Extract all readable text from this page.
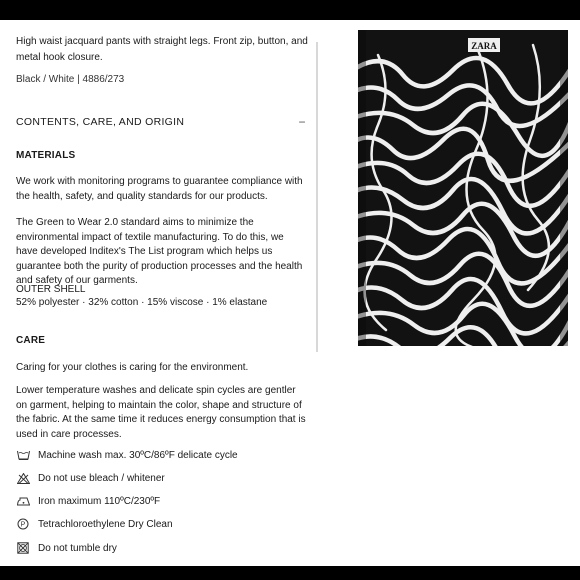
High waist jacquard pants with straight legs. Front zip, button, and metal hook closure.

Black / White | 4886/273
CONTENTS, CARE, AND ORIGIN	−
MATERIALS

We work with monitoring programs to guarantee compliance with the health, safety, and quality standards for our products.

The Green to Wear 2.0 standard aims to minimize the environmental impact of textile manufacturing. To do this, we have developed Inditex's The List program which helps us guarantee both the purity of production processes and the health and safety of our garments.

OUTER SHELL
52% polyester · 32% cotton · 15% viscose · 1% elastane
CARE

Caring for your clothes is caring for the environment.

Lower temperature washes and delicate spin cycles are gentler on garment, helping to maintain the color, shape and structure of the fabric. At the same time it reduces energy consumption that is used in care processes.

Machine wash max. 30ºC/86ºF delicate cycle
Do not use bleach / whitener
Iron maximum 110ºC/230ºF
P Tetrachloroethylene Dry Clean
Do not tumble dry
ZARA
